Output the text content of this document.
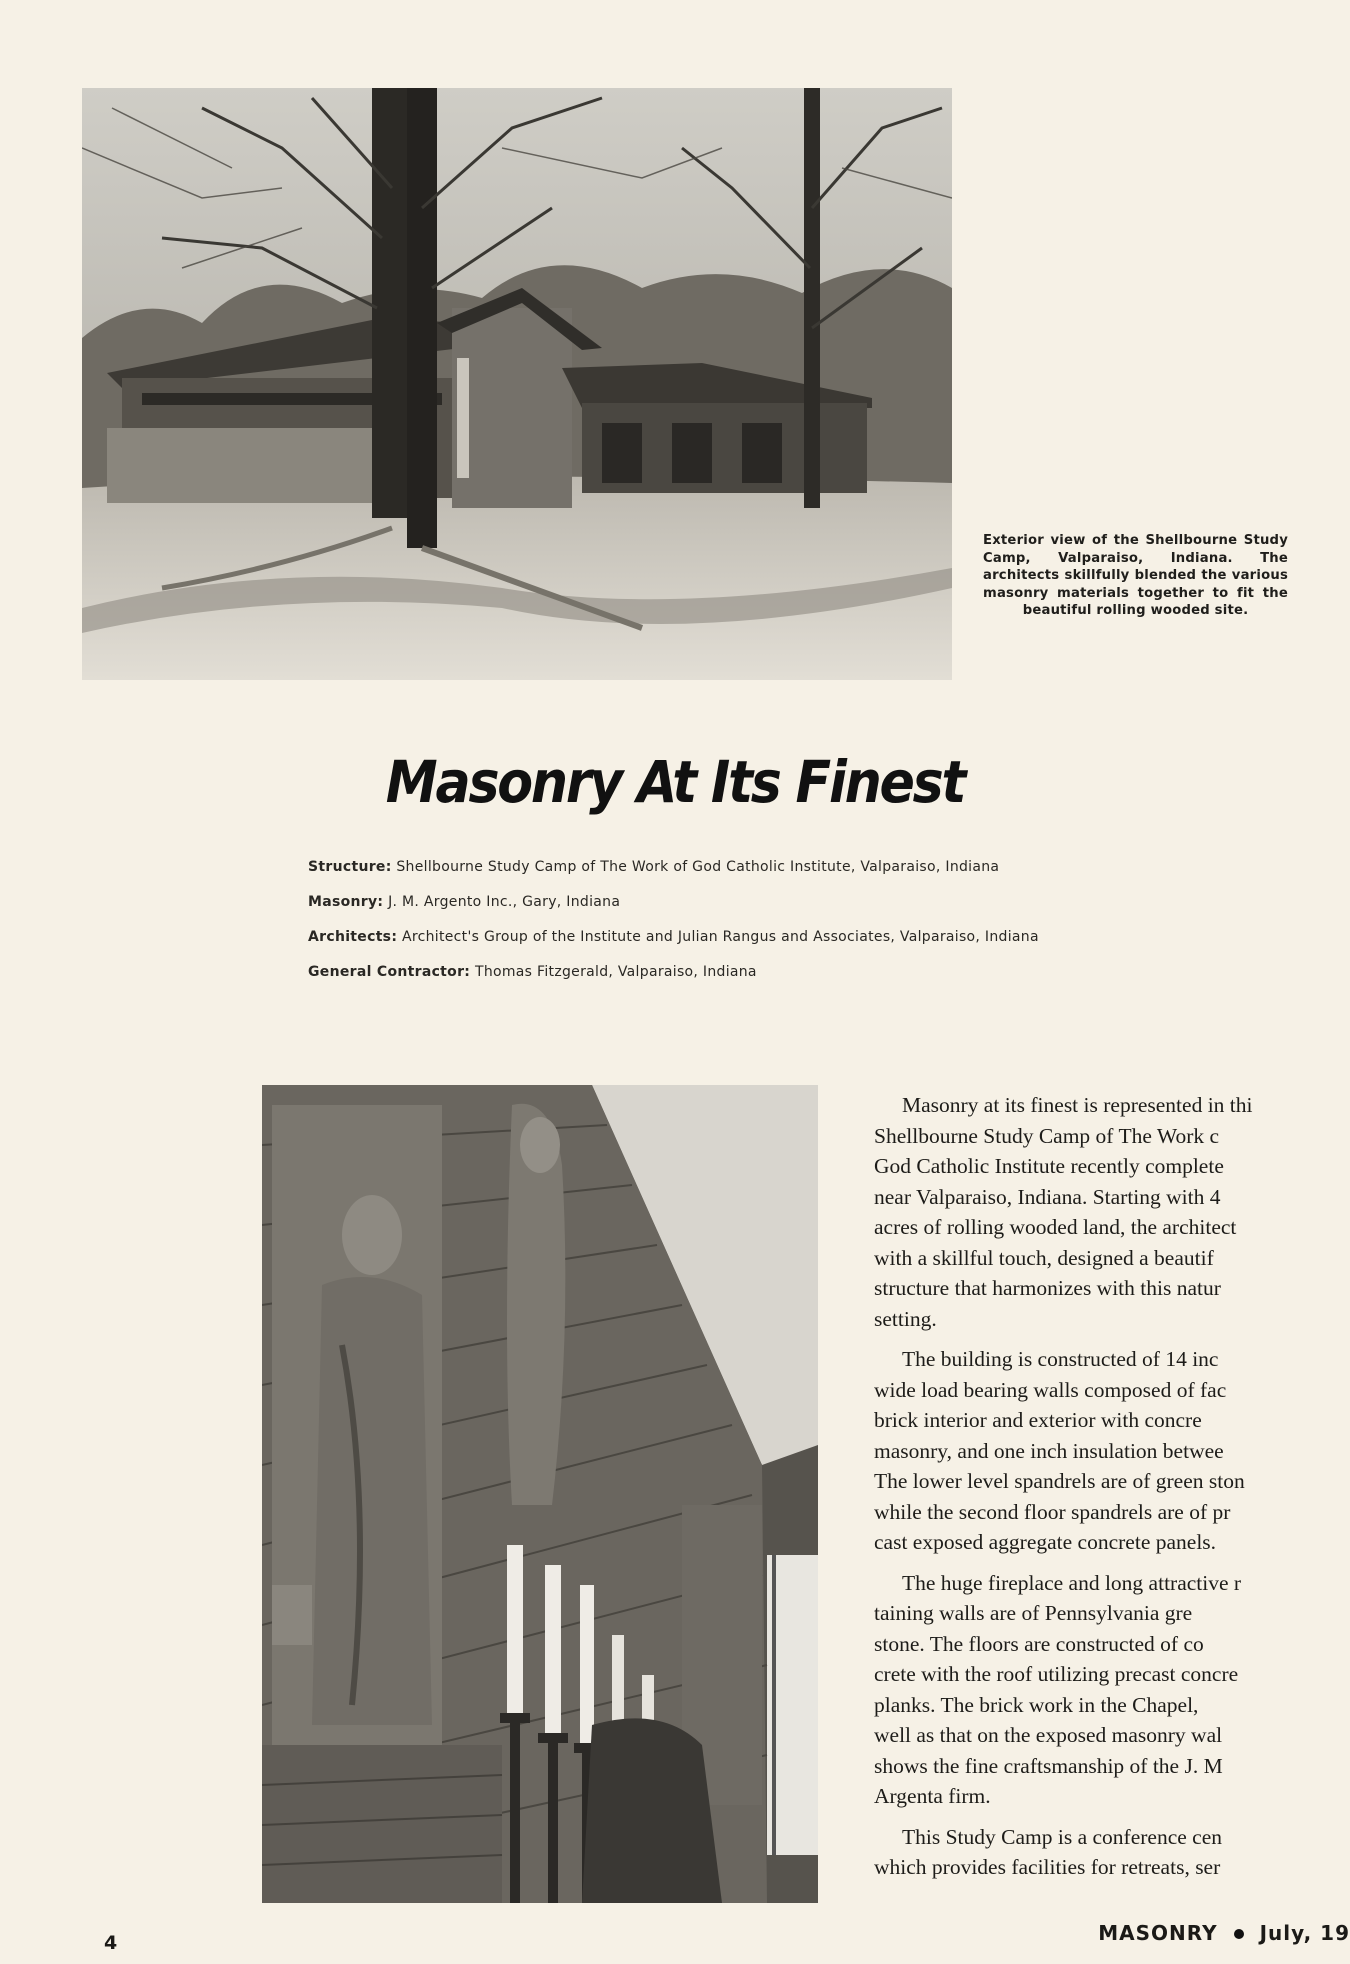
Exterior view of the Shellbourne Study Camp, Valparaiso, Indiana. The architects skillfully blended the various masonry materials together to fit the beautiful rolling wooded site.
Masonry At Its Finest
Structure: Shellbourne Study Camp of The Work of God Catholic Institute, Valparaiso, Indiana
Masonry: J. M. Argento Inc., Gary, Indiana
Architects: Architect's Group of the Institute and Julian Rangus and Associates, Valparaiso, Indiana
General Contractor: Thomas Fitzgerald, Valparaiso, Indiana

Masonry at its finest is represented in thi
Shellbourne Study Camp of The Work c
God Catholic Institute recently complete
near Valparaiso, Indiana. Starting with 4
acres of rolling wooded land, the architect
with a skillful touch, designed a beautif
structure that harmonizes with this natur
setting.

The building is constructed of 14 inc
wide load bearing walls composed of fac
brick interior and exterior with concre
masonry, and one inch insulation betwee
The lower level spandrels are of green ston
while the second floor spandrels are of pr
cast exposed aggregate concrete panels.

The huge fireplace and long attractive r
taining walls are of Pennsylvania gre
stone. The floors are constructed of co
crete with the roof utilizing precast concre
planks. The brick work in the Chapel,
well as that on the exposed masonry wal
shows the fine craftsmanship of the J. M
Argenta firm.

This Study Camp is a conference cen
which provides facilities for retreats, ser

4	MASONRY July, 19
